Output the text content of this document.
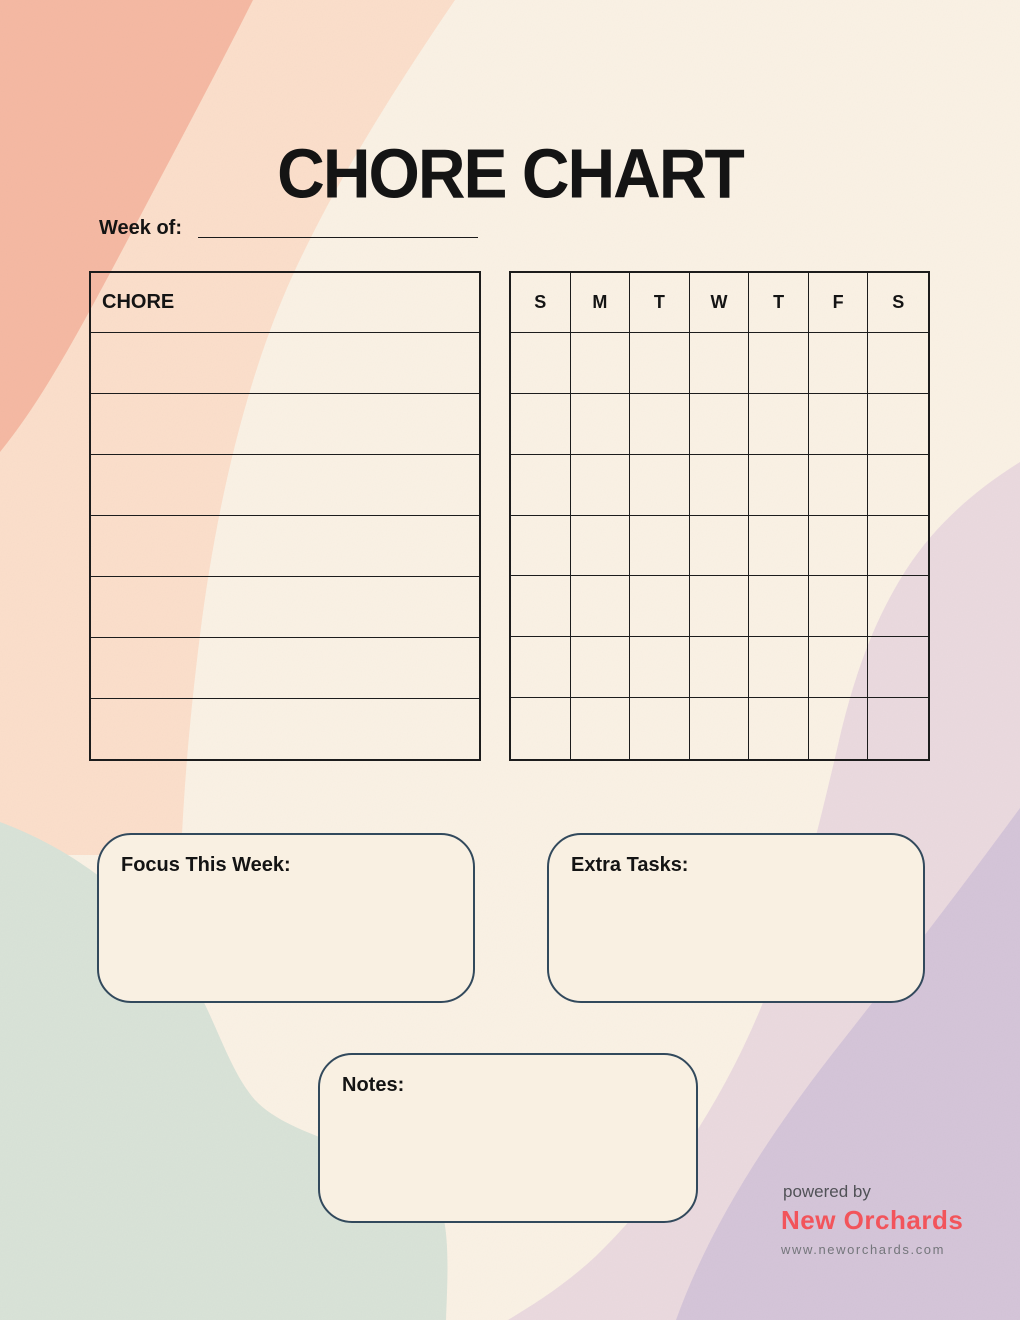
CHORE CHART
Week of:
CHORE	S	M	T	W	T	F	S
Focus This Week:	Extra Tasks:
Notes:
powered by
New Orchards
www.neworchards.com
